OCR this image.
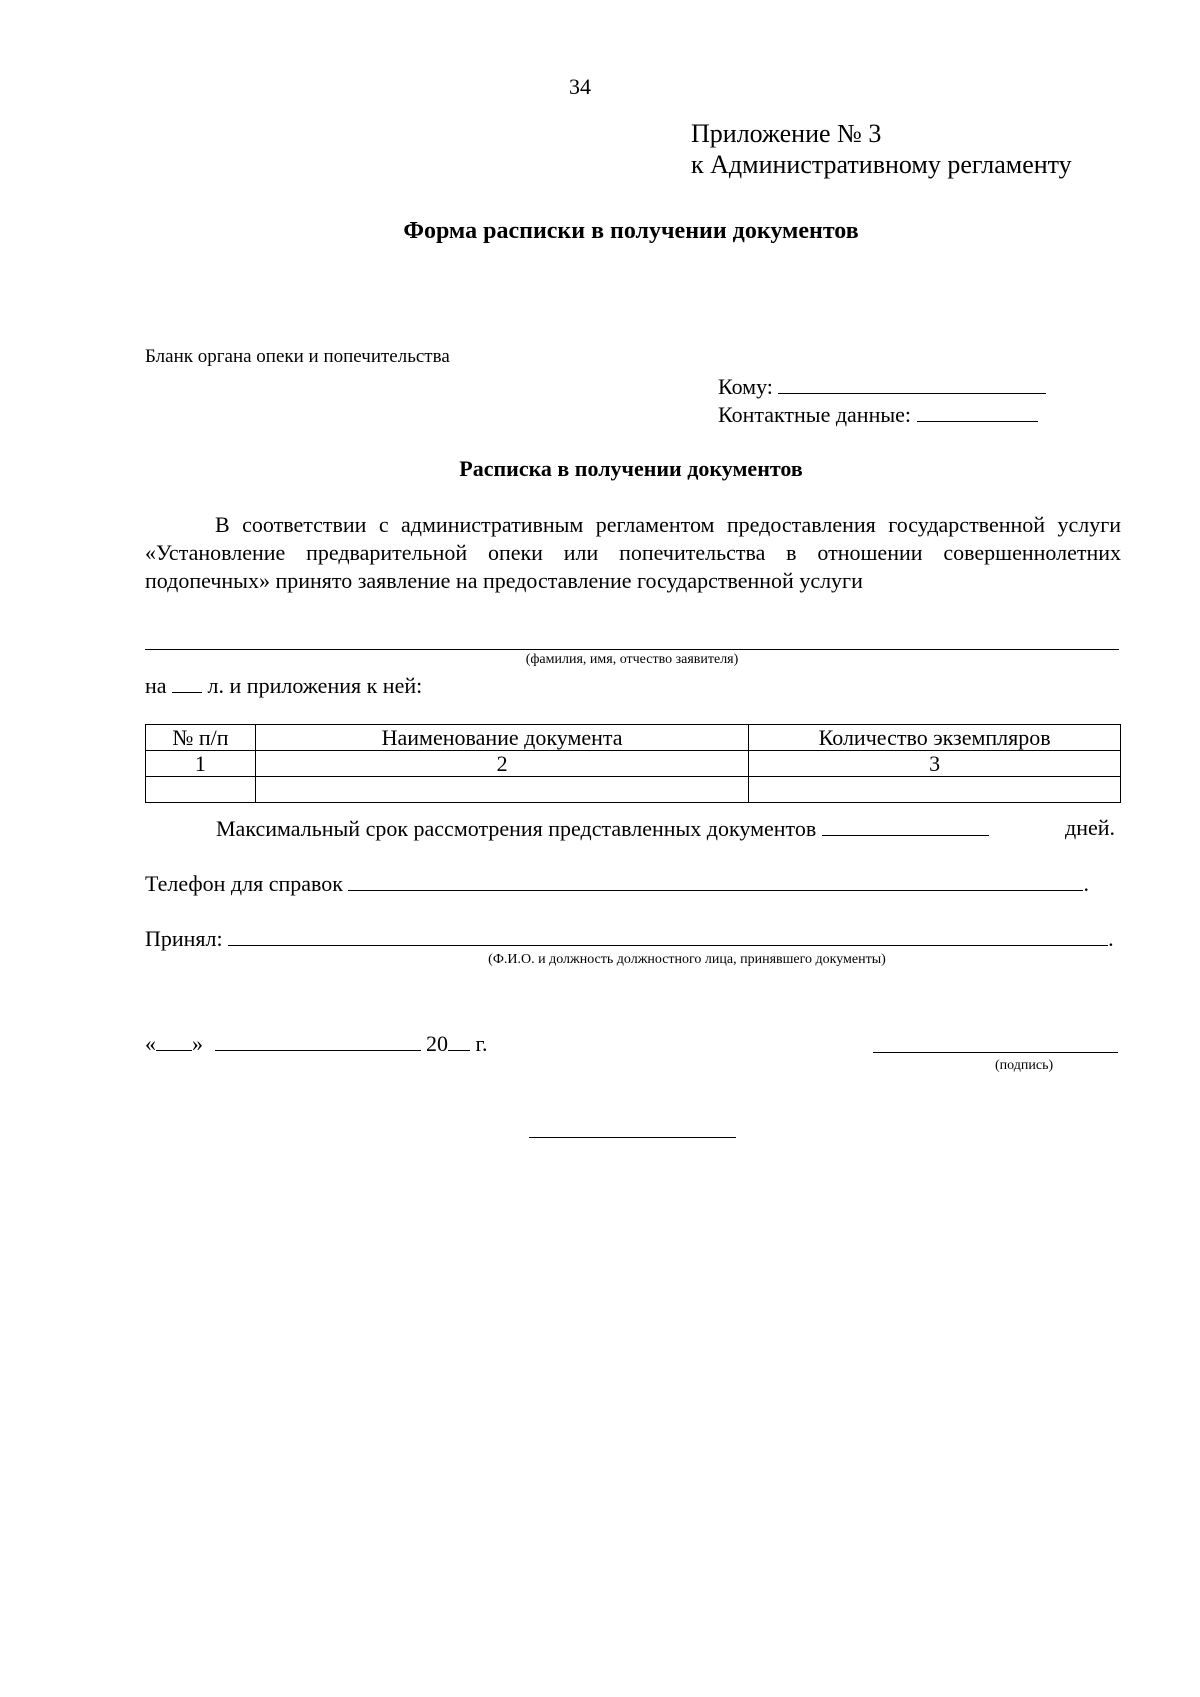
34
Приложение № 3
к Административному регламенту
Форма расписки в получении документов
Бланк органа опеки и попечительства
Кому:
Контактные данные:
Расписка в получении документов
В соответствии с административным регламентом предоставления государственной услуги «Установление предварительной опеки или попечительства в отношении совершеннолетних подопечных» принято заявление на предоставление государственной услуги
(фамилия, имя, отчество заявителя)
на л. и приложения к ней:
№ п/п	Наименование документа	Количество экземпляров
1	2	3

Максимальный срок рассмотрения представленных документов	дней.
Телефон для справок	.
Принял:	.
(Ф.И.О. и должность должностного лица, принявшего документы)
« »	20 г.
(подпись)
